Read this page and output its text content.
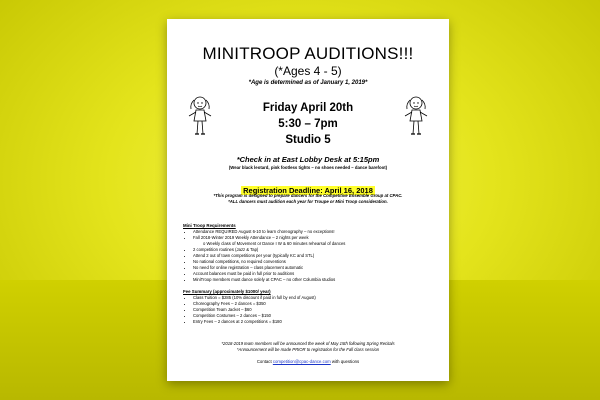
MINITROOP AUDITIONS!!!
(*Ages 4 - 5)
*Age is determined as of January 1, 2019*
Friday April 20th
5:30 – 7pm
Studio 5
*Check in at East Lobby Desk at 5:15pm
(Wear black leotard, pink footless tights – no shoes needed – dance barefoot)
Registration Deadline: April 16, 2018
*This program is designed to prepare dancers for the Competitive Ensemble Group at CPAC.
*ALL dancers must audition each year for Troupe or Mini Troop consideration.
Mini Troop Requirements
• Attendance REQUIRED August 6-10 to learn choreography – no exceptions!
• Fall 2018-Winter 2019 Weekly Attendance – 2 nights per week
o Weekly class of Movement or Dance I W & 60 minutes rehearsal of dances
• 2 competition routines (Jazz & Tap)
• Attend 2 out of town competitions per year (typically KC and STL)
• No national competitions, no required conventions
• No need for online registration – class placement automatic
• Account balances must be paid in full prior to auditions
• MiniTroop members must dance solely at CPAC – no other Columbia studios
Fee Summary (approximately $1000/ year)
• Class Tuition = $285 (10% discount if paid in full by end of August)
• Choreography Fees – 2 dances = $350
• Competition Team Jacket – $60
• Competition Costumes – 2 dances – $150
• Entry Fees – 2 dances at 2 competitions = $180
*2018-2019 team members will be announced the week of May 15th following Spring Recitals
*Announcement will be made PRIOR to registration for the Fall class session
Contact competition@cpac-dance.com with questions
